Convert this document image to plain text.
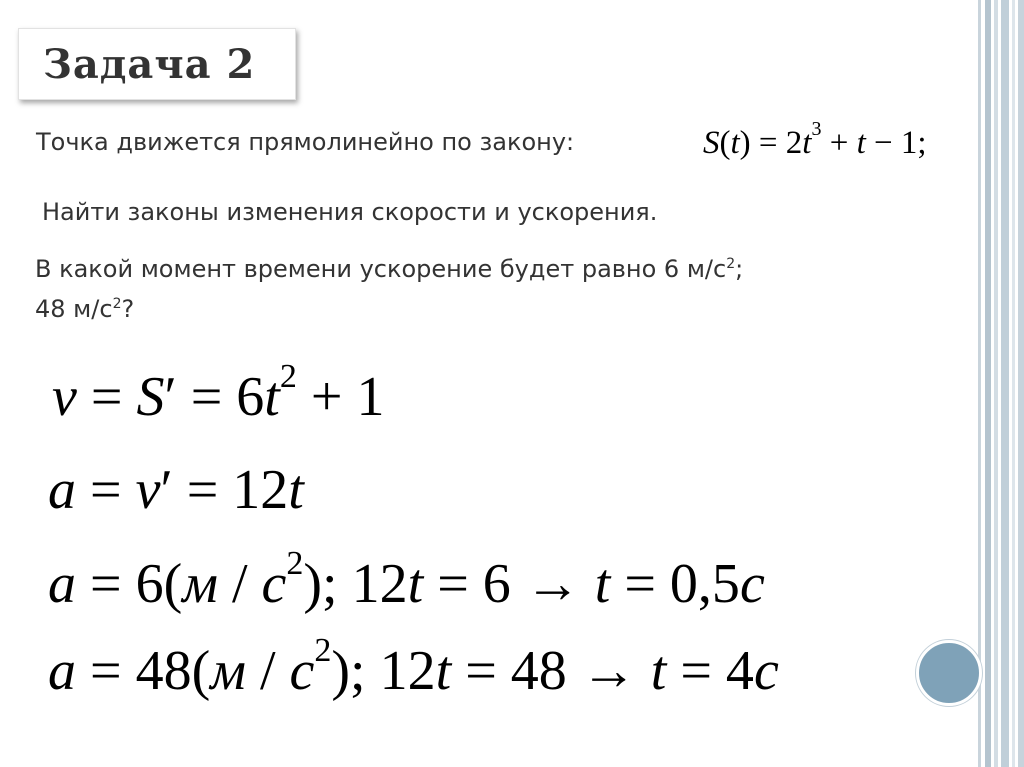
Задача 2
Точка движется прямолинейно по закону:	$S(t) = 2t^3 + t - 1$;
Найти законы изменения скорости и ускорения.
В какой момент времени ускорение будет равно 6 $м/с^2$;
48 $м/с^2$?
$v = S' = 6t^2 + 1$
a = v′ = 12t
$a = 6(м / с^2)$; 12t = 6 → t = 0,5с
$a = 48(м / с^2)$; 12t = 48 → t = 4с
